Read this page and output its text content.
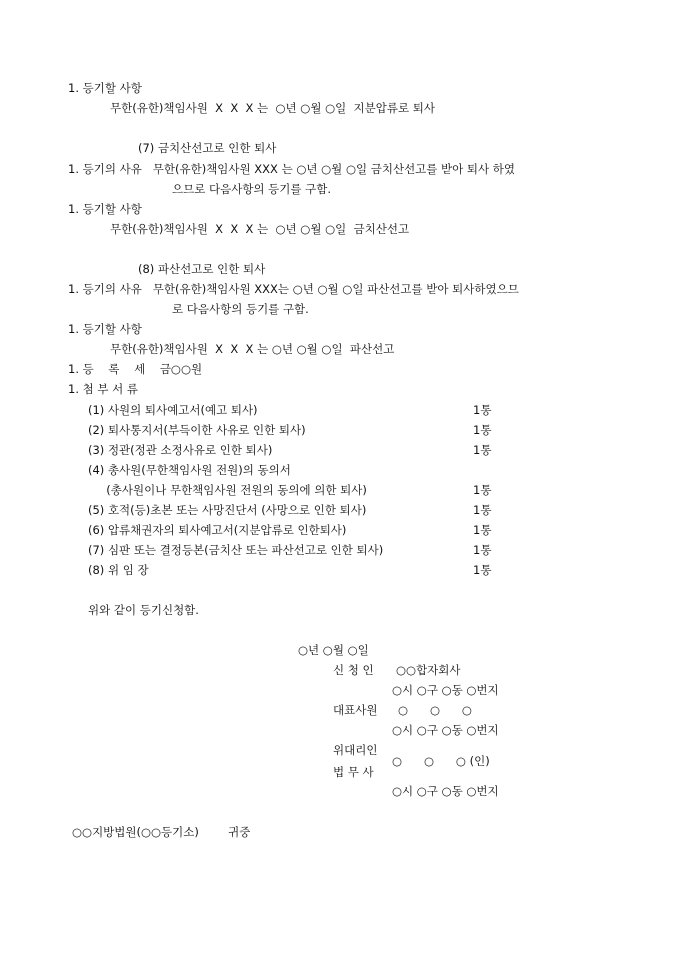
1. 등기할 사항
무한(유한)책임사원  X  X  X 는  ○년 ○월 ○일  지분압류로 퇴사
(7) 금치산선고로 인한 퇴사
1. 등기의 사유   무한(유한)책임사원 XXX 는 ○년 ○월 ○일 금치산선고를 받아 퇴사 하였
으므로 다음사항의 등기를 구함.
1. 등기할 사항
무한(유한)책임사원  X  X  X 는  ○년 ○월 ○일  금치산선고
(8) 파산선고로 인한 퇴사
1. 등기의 사유   무한(유한)책임사원 XXX는 ○년 ○월 ○일 파산선고를 받아 퇴사하였으므
로 다음사항의 등기를 구함.
1. 등기할 사항
무한(유한)책임사원  X  X  X 는 ○년 ○월 ○일  파산선고
1. 등    록    세    금○○원
1. 첨 부 서 류
(1) 사원의 퇴사예고서(예고 퇴사)	1통
(2) 퇴사통지서(부득이한 사유로 인한 퇴사)	1통
(3) 정관(정관 소정사유로 인한 퇴사)	1통
(4) 총사원(무한책임사원 전원)의 동의서
(총사원이나 무한책임사원 전원의 동의에 의한 퇴사)	1통
(5) 호적(등)초본 또는 사망진단서 (사망으로 인한 퇴사)	1통
(6) 압류채권자의 퇴사예고서(지분압류로 인한퇴사)	1통
(7) 심판 또는 결정등본(금치산 또는 파산선고로 인한 퇴사)	1통
(8) 위 임 장	1통
위와 같이 등기신청함.
○년 ○월 ○일
신 청 인 ○○합자회사
○시 ○구 ○동 ○번지
대표사원 ○      ○      ○
○시 ○구 ○동 ○번지
위대리인
법 무 사
○      ○      ○ (인)
○시 ○구 ○동 ○번지
○○지방법원(○○등기소)        귀중
